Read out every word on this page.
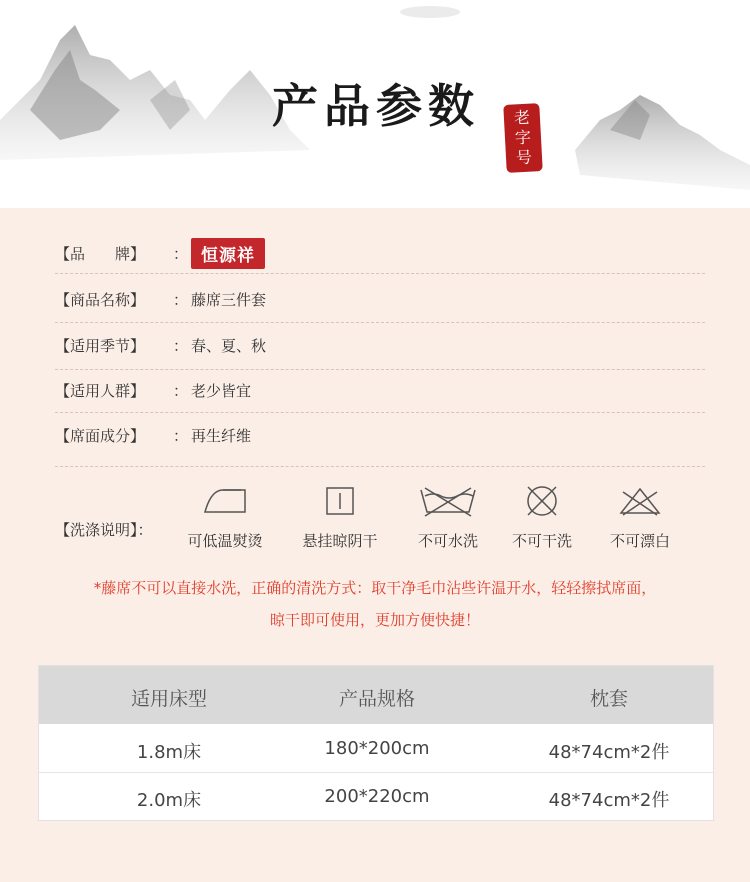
产品参数 老
字
号
【品　　牌】	： 恒源祥
【商品名称】	： 藤席三件套
【适用季节】	： 春、夏、秋
【适用人群】	： 老少皆宜
【席面成分】	： 再生纤维
【洗涤说明】：
可低温熨烫	悬挂晾阴干	不可水洗	不可干洗	不可漂白
*藤席不可以直接水洗，正确的清洗方式：取干净毛巾沾些许温开水，轻轻擦拭席面，
晾干即可使用，更加方便快捷！
适用床型	产品规格	枕套
1.8m床	180*200cm	48*74cm*2件
2.0m床	200*220cm	48*74cm*2件
